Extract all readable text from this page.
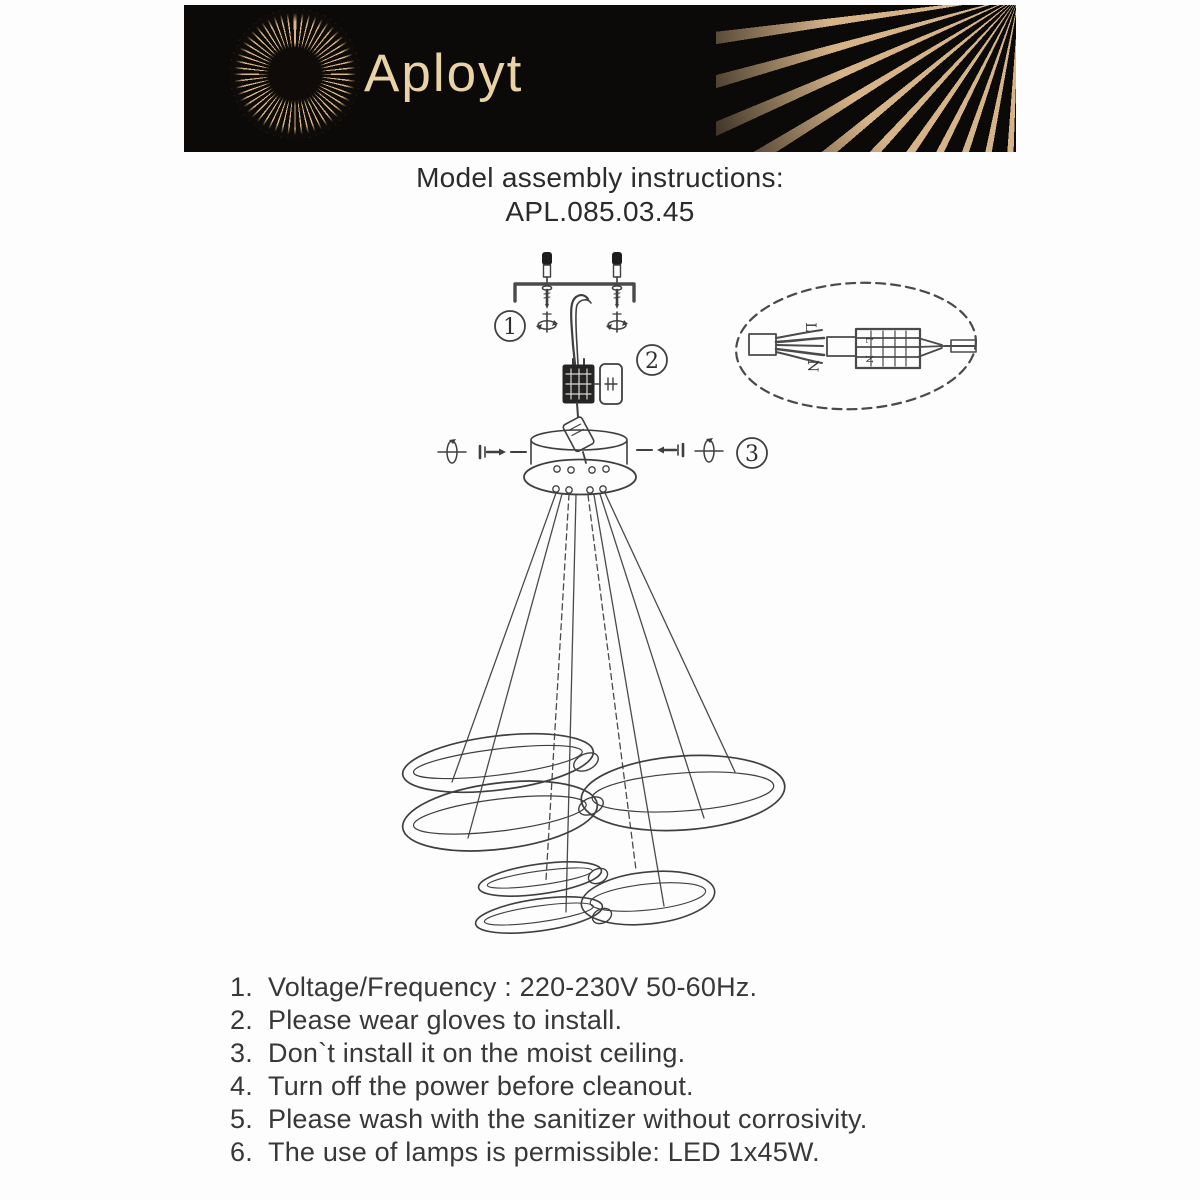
Aployt
Model assembly instructions:
APL.085.03.45
1
2
L
N
L
N
3
1. Voltage/Frequency : 220-230V 50-60Hz.
2. Please wear gloves to install.
3. Don`t install it on the moist ceiling.
4. Turn off the power before cleanout.
5. Please wash with the sanitizer without corrosivity.
6. The use of lamps is permissible: LED 1x45W.
